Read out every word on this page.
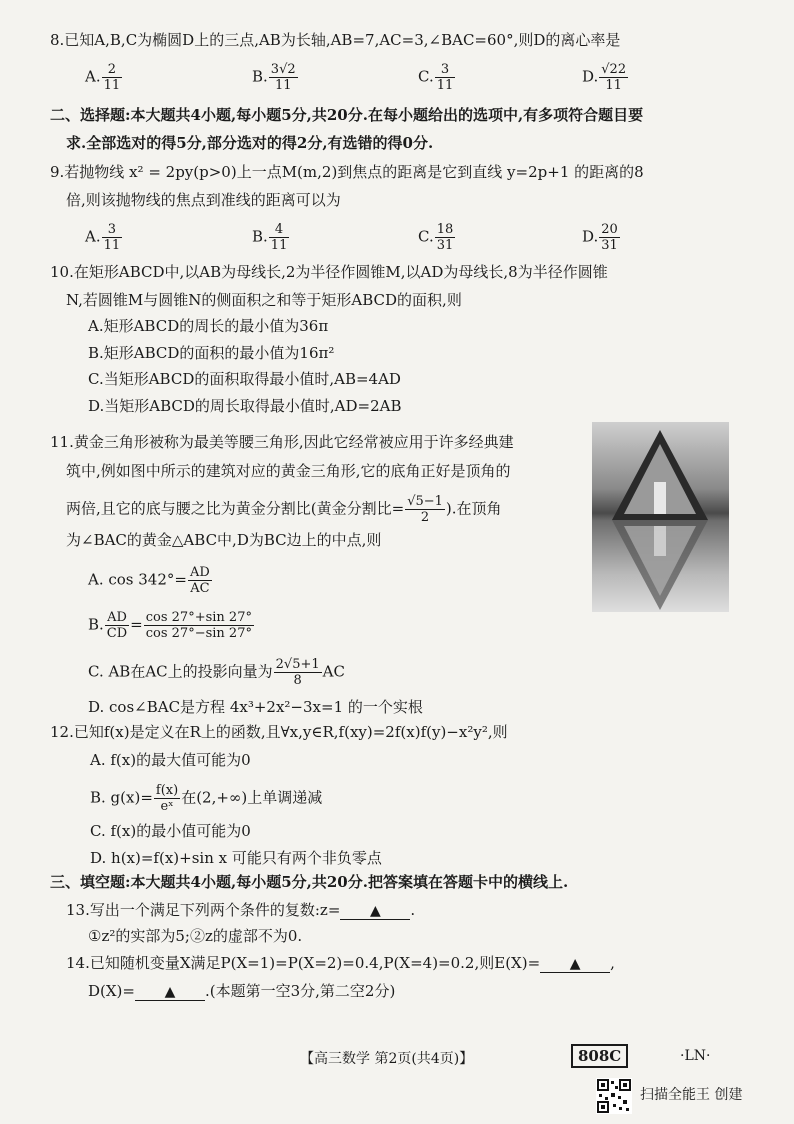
8.已知A,B,C为椭圆D上的三点,AB为长轴,AB=7,AC=3,∠BAC=60°,则D的离心率是
A. $\frac{2}{11}$	B. $\frac{3√2}{11}$	C. $\frac{3}{11}$	D. $\frac{√22}{11}$
二、选择题:本大题共4小题,每小题5分,共20分.在每小题给出的选项中,有多项符合题目要
求.全部选对的得5分,部分选对的得2分,有选错的得0分.
9.若抛物线 x² = 2py(p>0)上一点M(m,2)到焦点的距离是它到直线 y=2p+1 的距离的8
倍,则该抛物线的焦点到准线的距离可以为
A. $\frac{3}{11}$	B. $\frac{4}{11}$	C. $\frac{18}{31}$	D. $\frac{20}{31}$
10.在矩形ABCD中,以AB为母线长,2为半径作圆锥M,以AD为母线长,8为半径作圆锥
N,若圆锥M与圆锥N的侧面积之和等于矩形ABCD的面积,则
A.矩形ABCD的周长的最小值为36π
B.矩形ABCD的面积的最小值为16π²
C.当矩形ABCD的面积取得最小值时,AB=4AD
D.当矩形ABCD的周长取得最小值时,AD=2AB
11.黄金三角形被称为最美等腰三角形,因此它经常被应用于许多经典建
筑中,例如图中所示的建筑对应的黄金三角形,它的底角正好是顶角的
两倍,且它的底与腰之比为黄金分割比(黄金分割比= $\frac{√5-1}{2}$ ).在顶角
为∠BAC的黄金△ABC中,D为BC边上的中点,则
A. $\cos 342^\circ= \frac{AD}{AC}$
B. $\frac{AD}{CD} = \frac{\cos 27^\circ+\sin 27^\circ}{\cos 27^\circ-\sin 27^\circ}$
C. AB在AC上的投影向量为 $\frac{2√5+1}{8}$ AC
D. cos∠BAC是方程 4x³+2x²−3x=1 的一个实根
12.已知f(x)是定义在R上的函数,且∀x,y∈R,f(xy)=2f(x)f(y)−x²y²,则
A. f(x)的最大值可能为0
B. $g(x)= \frac{f(x)}{\text{eˣ}}$ 在(2,+∞)上单调递减
C. f(x)的最小值可能为0
D. h(x)=f(x)+sin x 可能只有两个非负零点
三、填空题:本大题共4小题,每小题5分,共20分.把答案填在答题卡中的横线上.
13.写出一个满足下列两个条件的复数:z= ▲ .
①z²的实部为5;②z的虚部不为0.
14.已知随机变量X满足P(X=1)=P(X=2)=0.4,P(X=4)=0.2,则E(X)= ▲ ,
D(X)= ▲ .(本题第一空3分,第二空2分)
【高三数学 第2页(共4页)】	808C	·LN·
扫描全能王 创建
